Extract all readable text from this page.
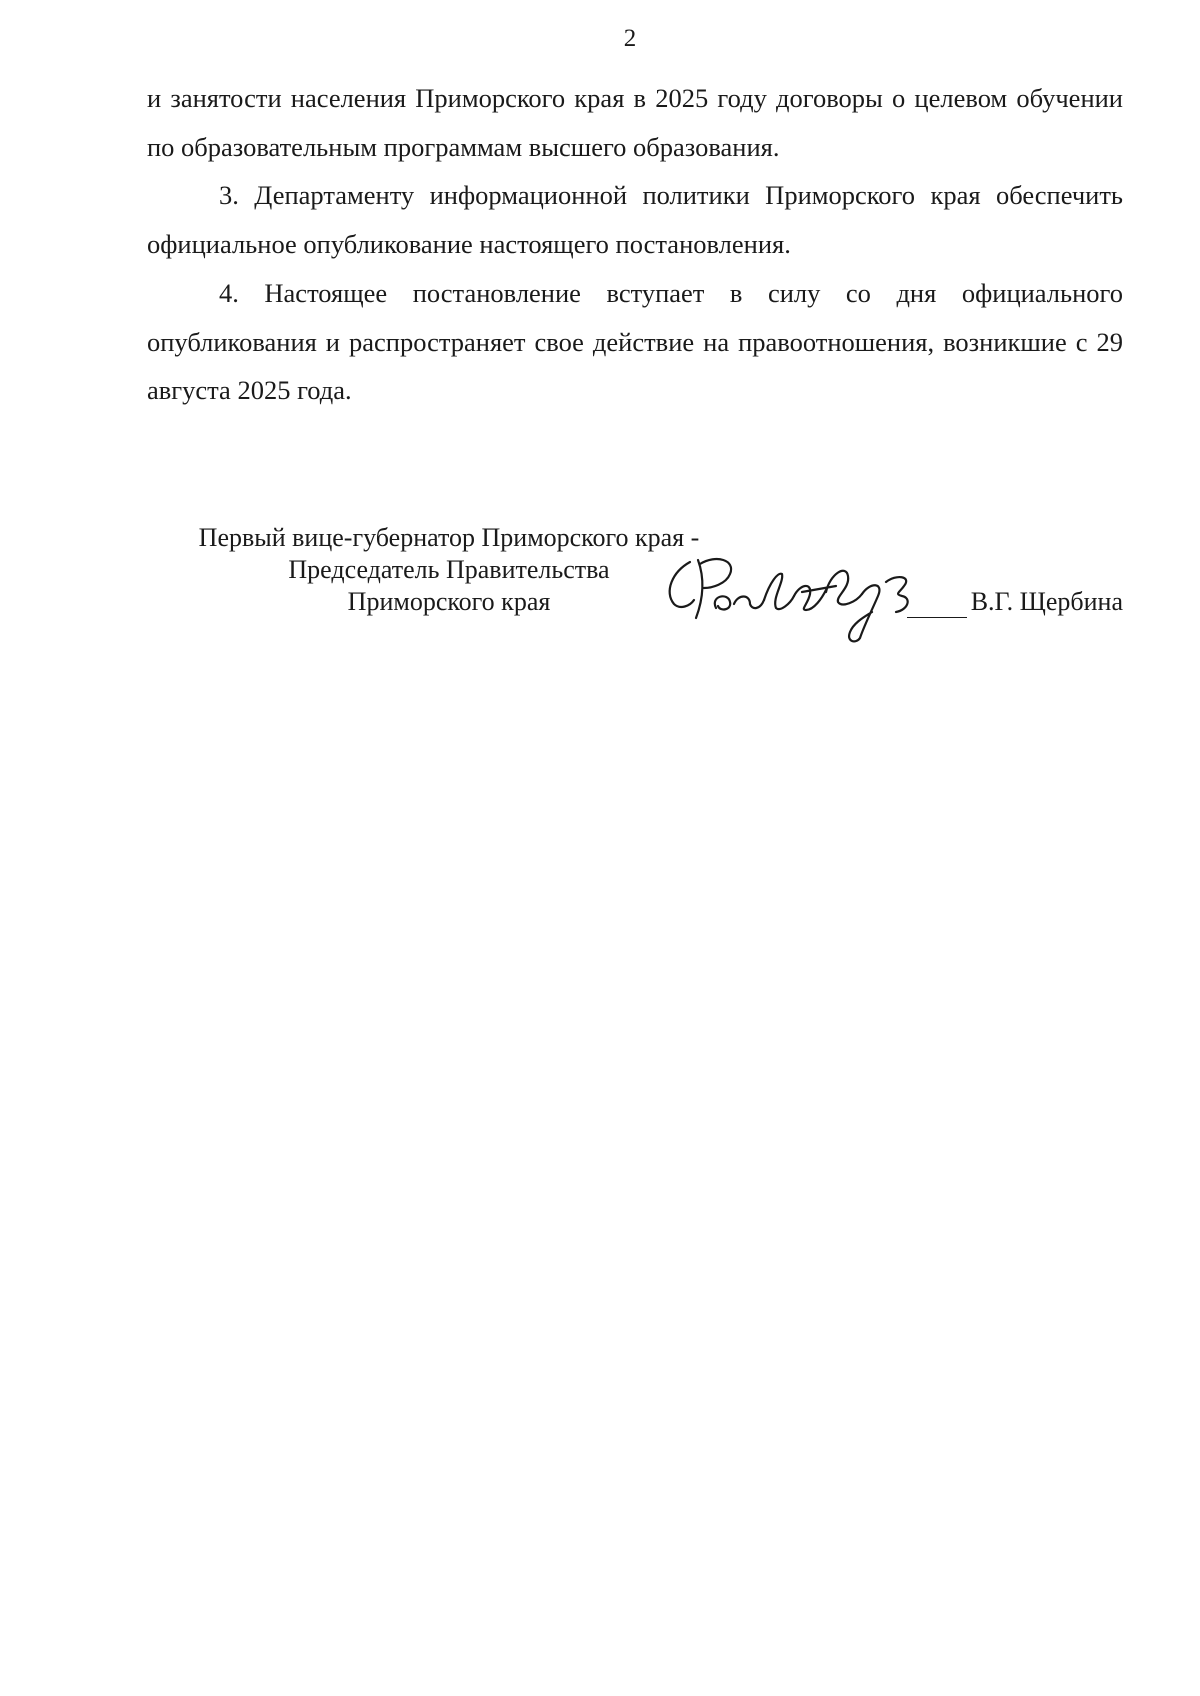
2

и занятости населения Приморского края в 2025 году договоры о целевом обучении по образовательным программам высшего образования.

3. Департаменту информационной политики Приморского края обеспечить официальное опубликование настоящего постановления.

4. Настоящее постановление вступает в силу со дня официального опубликования и распространяет свое действие на правоотношения, возникшие с 29 августа 2025 года.

Первый вице-губернатор Приморского края -
Председатель Правительства
Приморского края	В.Г. Щербина
